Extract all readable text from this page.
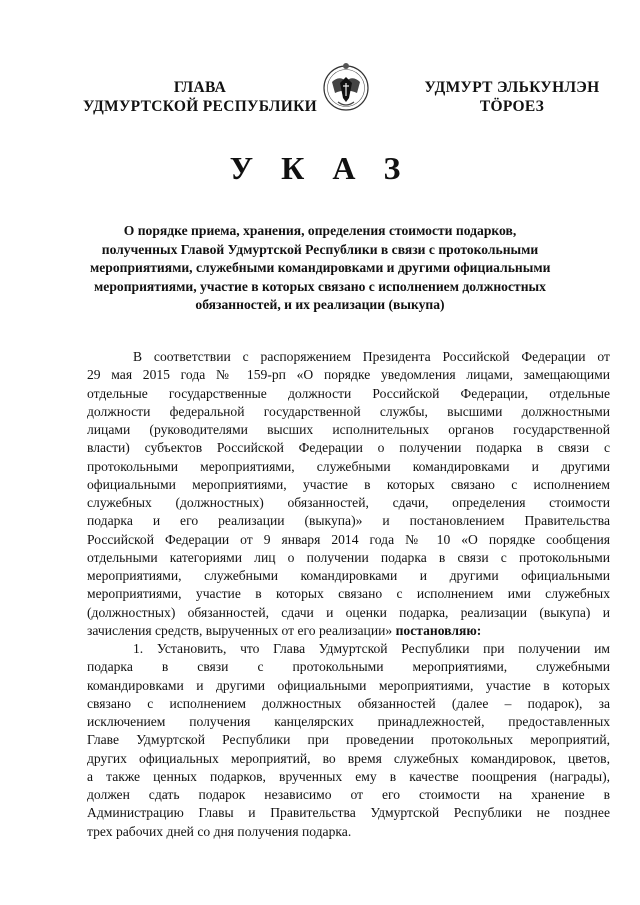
ГЛАВА
УДМУРТСКОЙ РЕСПУБЛИКИ
УДМУРТ ЭЛЬКУНЛЭН
ТӦРОЕЗ
У К А З
О порядке приема, хранения, определения стоимости подарков,
полученных Главой Удмуртской Республики в связи с протокольными
мероприятиями, служебными командировками и другими официальными
мероприятиями, участие в которых связано с исполнением должностных
обязанностей, и их реализации (выкупа)

В соответствии с распоряжением Президента Российской Федерации от

29 мая 2015 года № 159-рп «О порядке уведомления лицами, замещающими

отдельные государственные должности Российской Федерации, отдельные

должности федеральной государственной службы, высшими должностными

лицами (руководителями высших исполнительных органов государственной

власти) субъектов Российской Федерации о получении подарка в связи с

протокольными мероприятиями, служебными командировками и другими

официальными мероприятиями, участие в которых связано с исполнением

служебных (должностных) обязанностей, сдачи, определения стоимости

подарка и его реализации (выкупа)» и постановлением Правительства

Российской Федерации от 9 января 2014 года № 10 «О порядке сообщения

отдельными категориями лиц о получении подарка в связи с протокольными

мероприятиями, служебными командировками и другими официальными

мероприятиями, участие в которых связано с исполнением ими служебных

(должностных) обязанностей, сдачи и оценки подарка, реализации (выкупа) и

зачисления средств, вырученных от его реализации» постановляю:

1. Установить, что Глава Удмуртской Республики при получении им

подарка в связи с протокольными мероприятиями, служебными

командировками и другими официальными мероприятиями, участие в которых

связано с исполнением должностных обязанностей (далее – подарок), за

исключением получения канцелярских принадлежностей, предоставленных

Главе Удмуртской Республики при проведении протокольных мероприятий,

других официальных мероприятий, во время служебных командировок, цветов,

а также ценных подарков, врученных ему в качестве поощрения (награды),

должен сдать подарок независимо от его стоимости на хранение в

Администрацию Главы и Правительства Удмуртской Республики не позднее

трех рабочих дней со дня получения подарка.
